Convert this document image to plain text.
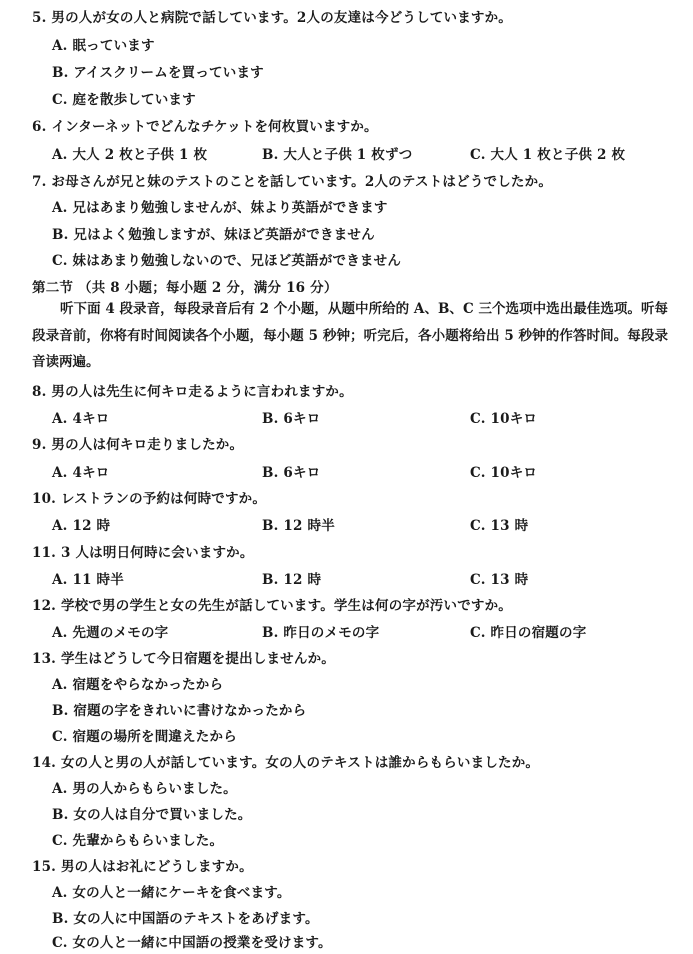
5. 男の人が女の人と病院で話しています。2人の友達は今どうしていますか。
A. 眠っています
B. アイスクリームを買っています
C. 庭を散歩しています
6. インターネットでどんなチケットを何枚買いますか。
A. 大人 2 枚と子供 1 枚	B. 大人と子供 1 枚ずつ	C. 大人 1 枚と子供 2 枚
7. お母さんが兄と妹のテストのことを話しています。2人のテストはどうでしたか。
A. 兄はあまり勉強しませんが、妹より英語ができます
B. 兄はよく勉強しますが、妹ほど英語ができません
C. 妹はあまり勉強しないので、兄ほど英語ができません
第二节 （共 8 小题；每小题 2 分，满分 16 分）
听下面 4 段录音，每段录音后有 2 个小题，从题中所给的 A、B、C 三个选项中选出最佳选项。听每段录音前，你将有时间阅读各个小题，每小题 5 秒钟；听完后，各小题将给出 5 秒钟的作答时间。每段录音读两遍。
8. 男の人は先生に何キロ走るように言われますか。
A. 4キロ	B. 6キロ	C. 10キロ
9. 男の人は何キロ走りましたか。
A. 4キロ	B. 6キロ	C. 10キロ
10. レストランの予約は何時ですか。
A. 12 時	B. 12 時半	C. 13 時
11. 3 人は明日何時に会いますか。
A. 11 時半	B. 12 時	C. 13 時
12. 学校で男の学生と女の先生が話しています。学生は何の字が汚いですか。
A. 先週のメモの字	B. 昨日のメモの字	C. 昨日の宿題の字
13. 学生はどうして今日宿題を提出しませんか。
A. 宿題をやらなかったから
B. 宿題の字をきれいに書けなかったから
C. 宿題の場所を間違えたから
14. 女の人と男の人が話しています。女の人のテキストは誰からもらいましたか。
A. 男の人からもらいました。
B. 女の人は自分で買いました。
C. 先輩からもらいました。
15. 男の人はお礼にどうしますか。
A. 女の人と一緒にケーキを食べます。
B. 女の人に中国語のテキストをあげます。
C. 女の人と一緒に中国語の授業を受けます。
